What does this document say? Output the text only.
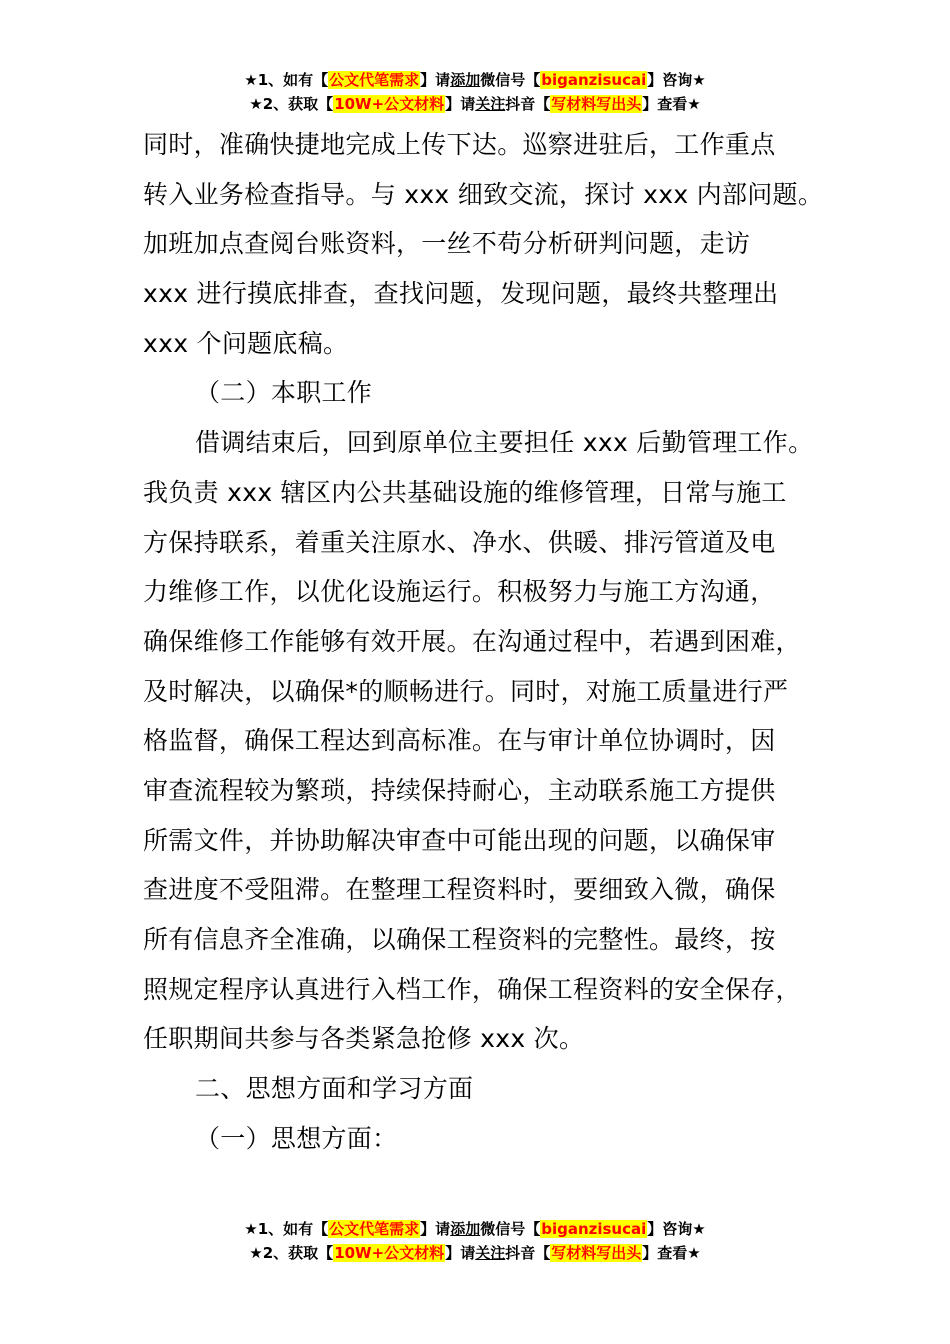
★1、如有【公文代笔需求】请添加微信号【biganzisucai】咨询★
★2、获取【10W+公文材料】请关注抖音【写材料写出头】查看★
同时，准确快捷地完成上传下达。巡察进驻后，工作重点
转入业务检查指导。与 xxx 细致交流，探讨 xxx 内部问题。
加班加点查阅台账资料，一丝不苟分析研判问题，走访
xxx 进行摸底排查，查找问题，发现问题，最终共整理出
xxx 个问题底稿。
（二）本职工作
借调结束后，回到原单位主要担任 xxx 后勤管理工作。
我负责 xxx 辖区内公共基础设施的维修管理，日常与施工
方保持联系，着重关注原水、净水、供暖、排污管道及电
力维修工作，以优化设施运行。积极努力与施工方沟通，
确保维修工作能够有效开展。在沟通过程中，若遇到困难，
及时解决，以确保*的顺畅进行。同时，对施工质量进行严
格监督，确保工程达到高标准。在与审计单位协调时，因
审查流程较为繁琐，持续保持耐心，主动联系施工方提供
所需文件，并协助解决审查中可能出现的问题，以确保审
查进度不受阻滞。在整理工程资料时，要细致入微，确保
所有信息齐全准确，以确保工程资料的完整性。最终，按
照规定程序认真进行入档工作，确保工程资料的安全保存，
任职期间共参与各类紧急抢修 xxx 次。
二、思想方面和学习方面
（一）思想方面：
★1、如有【公文代笔需求】请添加微信号【biganzisucai】咨询★
★2、获取【10W+公文材料】请关注抖音【写材料写出头】查看★
